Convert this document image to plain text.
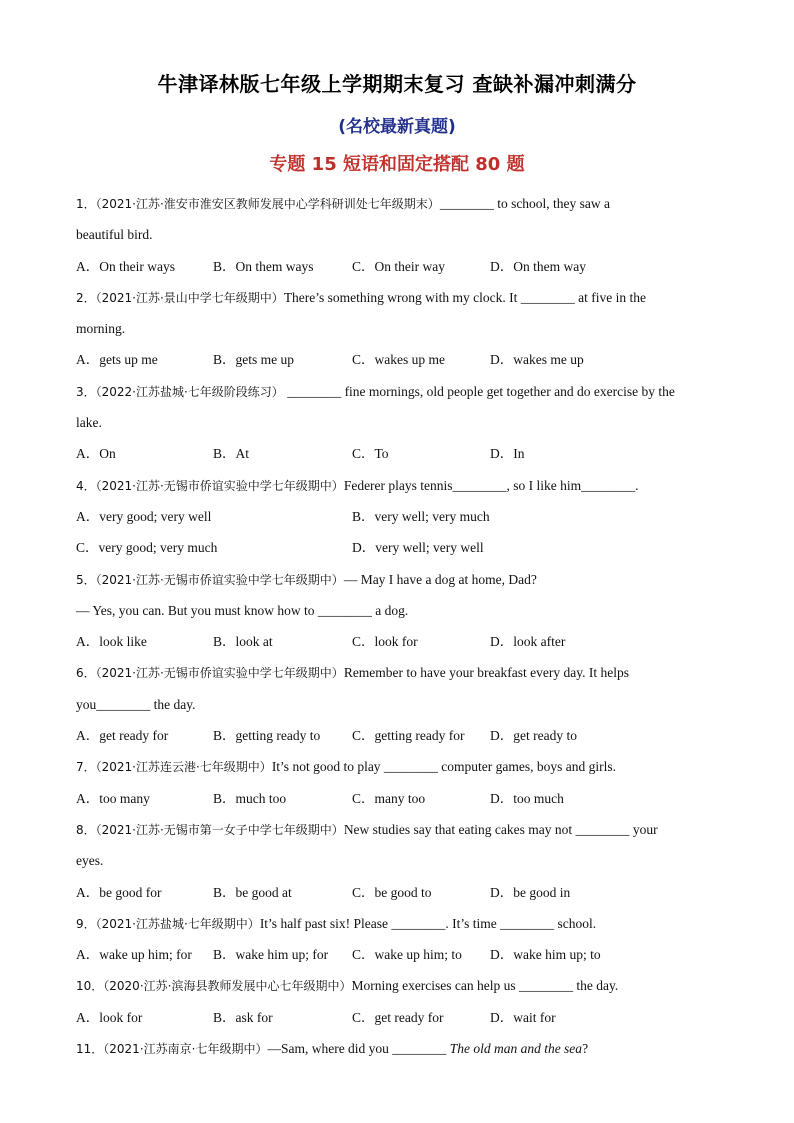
牛津译林版七年级上学期期末复习 查缺补漏冲刺满分
(名校最新真题)
专题 15 短语和固定搭配 80 题
1．（2021·江苏·淮安市淮安区教师发展中心学科研训处七年级期末）________ to school, they saw a
beautiful bird.
A．On their ways	B．On them ways	C．On their way	D．On them way
2．（2021·江苏·景山中学七年级期中）There’s something wrong with my clock. It ________ at five in the
morning.
A．gets up me	B．gets me up	C．wakes up me	D．wakes me up
3．（2022·江苏盐城·七年级阶段练习） ________ fine mornings, old people get together and do exercise by the
lake.
A．On	B．At	C．To	D．In
4．（2021·江苏·无锡市侨谊实验中学七年级期中）Federer plays tennis________, so I like him________.
A．very good; very well	B．very well; very much
C．very good; very much	D．very well; very well
5．（2021·江苏·无锡市侨谊实验中学七年级期中）— May I have a dog at home, Dad?
— Yes, you can. But you must know how to ________ a dog.
A．look like	B．look at	C．look for	D．look after
6．（2021·江苏·无锡市侨谊实验中学七年级期中）Remember to have your breakfast every day. It helps
you________ the day.
A．get ready for	B．getting ready to C．getting ready for D．get ready to
7．（2021·江苏连云港·七年级期中）It’s not good to play ________ computer games, boys and girls.
A．too many	B．much too	C．many too	D．too much
8．（2021·江苏·无锡市第一女子中学七年级期中）New studies say that eating cakes may not ________ your
eyes.
A．be good for	B．be good at	C．be good to	D．be good in
9．（2021·江苏盐城·七年级期中）It’s half past six! Please ________. It’s time ________ school.
A．wake up him; for B．wake him up; for C．wake up him; to D．wake him up; to
10．（2020·江苏·滨海县教师发展中心七年级期中）Morning exercises can help us ________ the day.
A．look for	B．ask for	C．get ready for	D．wait for
11．（2021·江苏南京·七年级期中）—Sam, where did you ________ The old man and the sea?
